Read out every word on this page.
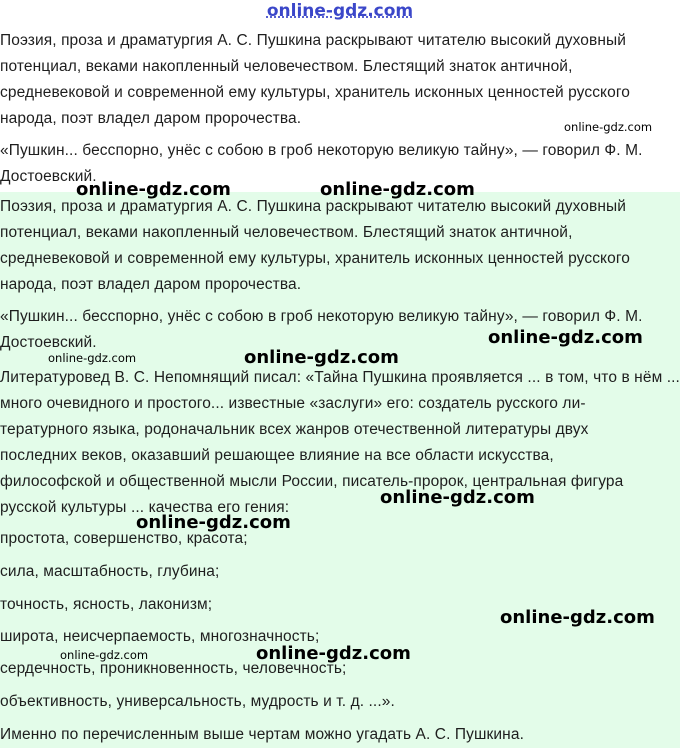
online-gdz.com

Поэзия, проза и драматургия А. С. Пушкина раскрывают читателю высокий духовный

потенциал, веками накопленный человечеством. Блестящий знаток античной,

средневековой и современной ему культуры, хранитель исконных ценностей русского

народа, поэт владел даром пророчества.

«Пушкин... бесспорно, унёс с собою в гроб некоторую великую тайну», — говорил Ф. М.

Достоевский.

Поэзия, проза и драматургия А. С. Пушкина раскрывают читателю высокий духовный

потенциал, веками накопленный человечеством. Блестящий знаток античной,

средневековой и современной ему культуры, хранитель исконных ценностей русского

народа, поэт владел даром пророчества.

«Пушкин... бесспорно, унёс с собою в гроб некоторую великую тайну», — говорил Ф. М.

Достоевский.

Литературовед В. С. Непомнящий писал: «Тайна Пушкина проявляется ... в том, что в нём ...

много очевидного и простого... известные «заслуги» его: создатель русского ли-

тературного языка, родоначальник всех жанров отечественной литературы двух

последних веков, оказавший решающее влияние на все области искусства,

философской и общественной мысли России, писатель-пророк, центральная фигура

русской культуры ... качества его гения:

простота, совершенство, красота;

сила, масштабность, глубина;

точность, ясность, лаконизм;

широта, неисчерпаемость, многозначность;

сердечность, проникновенность, человечность;

объективность, универсальность, мудрость и т. д. ...».

Именно по перечисленным выше чертам можно угадать А. С. Пушкина.

online-gdz.com
online-gdz.com	online-gdz.com
online-gdz.com
online-gdz.com	online-gdz.com
online-gdz.com
online-gdz.com
online-gdz.com
online-gdz.com	online-gdz.com
